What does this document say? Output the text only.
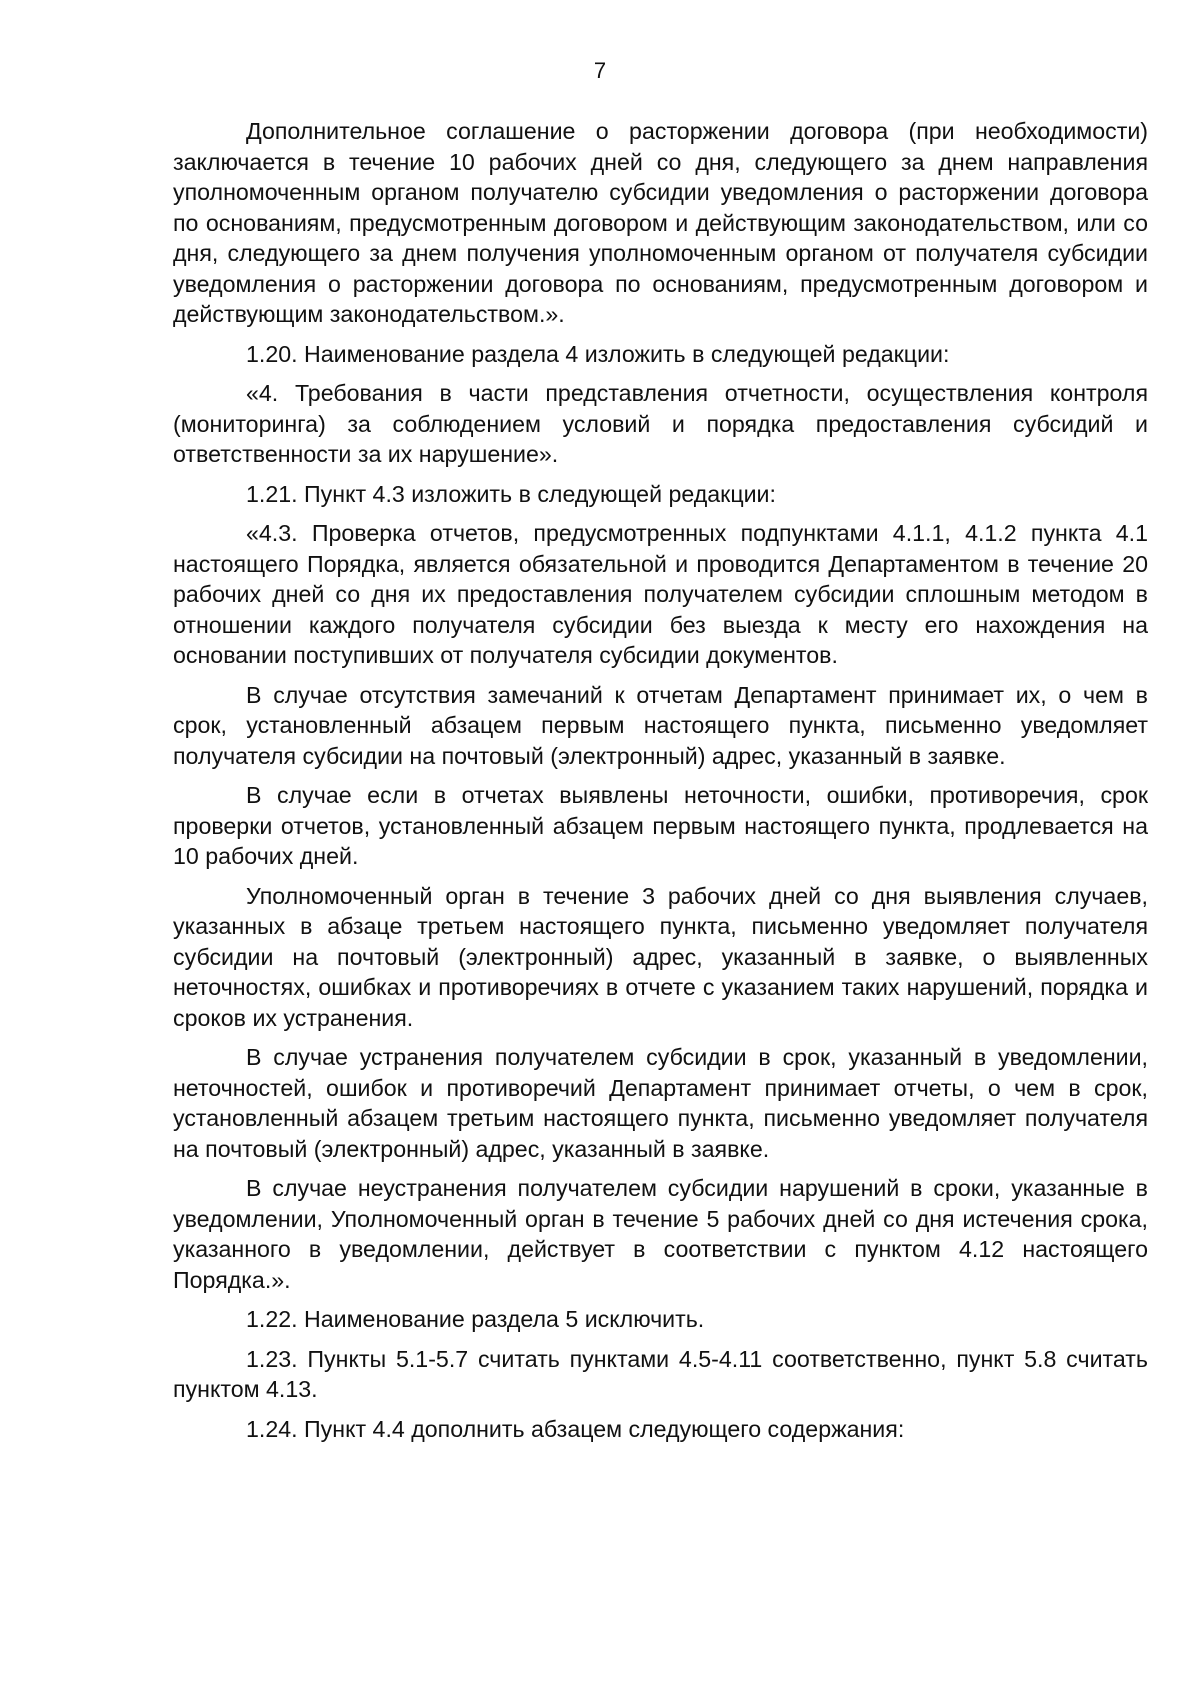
7

Дополнительное соглашение о расторжении договора (при необходимости) заключается в течение 10 рабочих дней со дня, следующего за днем направления уполномоченным органом получателю субсидии уведомления о расторжении договора по основаниям, предусмотренным договором и действующим законодательством, или со дня, следующего за днем получения уполномоченным органом от получателя субсидии уведомления о расторжении договора по основаниям, предусмотренным договором и действующим законодательством.».

1.20. Наименование раздела 4 изложить в следующей редакции:

«4. Требования в части представления отчетности, осуществления контроля (мониторинга) за соблюдением условий и порядка предоставления субсидий и ответственности за их нарушение».

1.21. Пункт 4.3 изложить в следующей редакции:

«4.3. Проверка отчетов, предусмотренных подпунктами 4.1.1, 4.1.2 пункта 4.1 настоящего Порядка, является обязательной и проводится Департаментом в течение 20 рабочих дней со дня их предоставления получателем субсидии сплошным методом в отношении каждого получателя субсидии без выезда к месту его нахождения на основании поступивших от получателя субсидии документов.

В случае отсутствия замечаний к отчетам Департамент принимает их, о чем в срок, установленный абзацем первым настоящего пункта, письменно уведомляет получателя субсидии на почтовый (электронный) адрес, указанный в заявке.

В случае если в отчетах выявлены неточности, ошибки, противоречия, срок проверки отчетов, установленный абзацем первым настоящего пункта, продлевается на 10 рабочих дней.

Уполномоченный орган в течение 3 рабочих дней со дня выявления случаев, указанных в абзаце третьем настоящего пункта, письменно уведомляет получателя субсидии на почтовый (электронный) адрес, указанный в заявке, о выявленных неточностях, ошибках и противоречиях в отчете с указанием таких нарушений, порядка и сроков их устранения.

В случае устранения получателем субсидии в срок, указанный в уведомлении, неточностей, ошибок и противоречий Департамент принимает отчеты, о чем в срок, установленный абзацем третьим настоящего пункта, письменно уведомляет получателя на почтовый (электронный) адрес, указанный в заявке.

В случае неустранения получателем субсидии нарушений в сроки, указанные в уведомлении, Уполномоченный орган в течение 5 рабочих дней со дня истечения срока, указанного в уведомлении, действует в соответствии с пунктом 4.12 настоящего Порядка.».

1.22. Наименование раздела 5 исключить.

1.23. Пункты 5.1-5.7 считать пунктами 4.5-4.11 соответственно, пункт 5.8 считать пунктом 4.13.

1.24. Пункт 4.4 дополнить абзацем следующего содержания:
